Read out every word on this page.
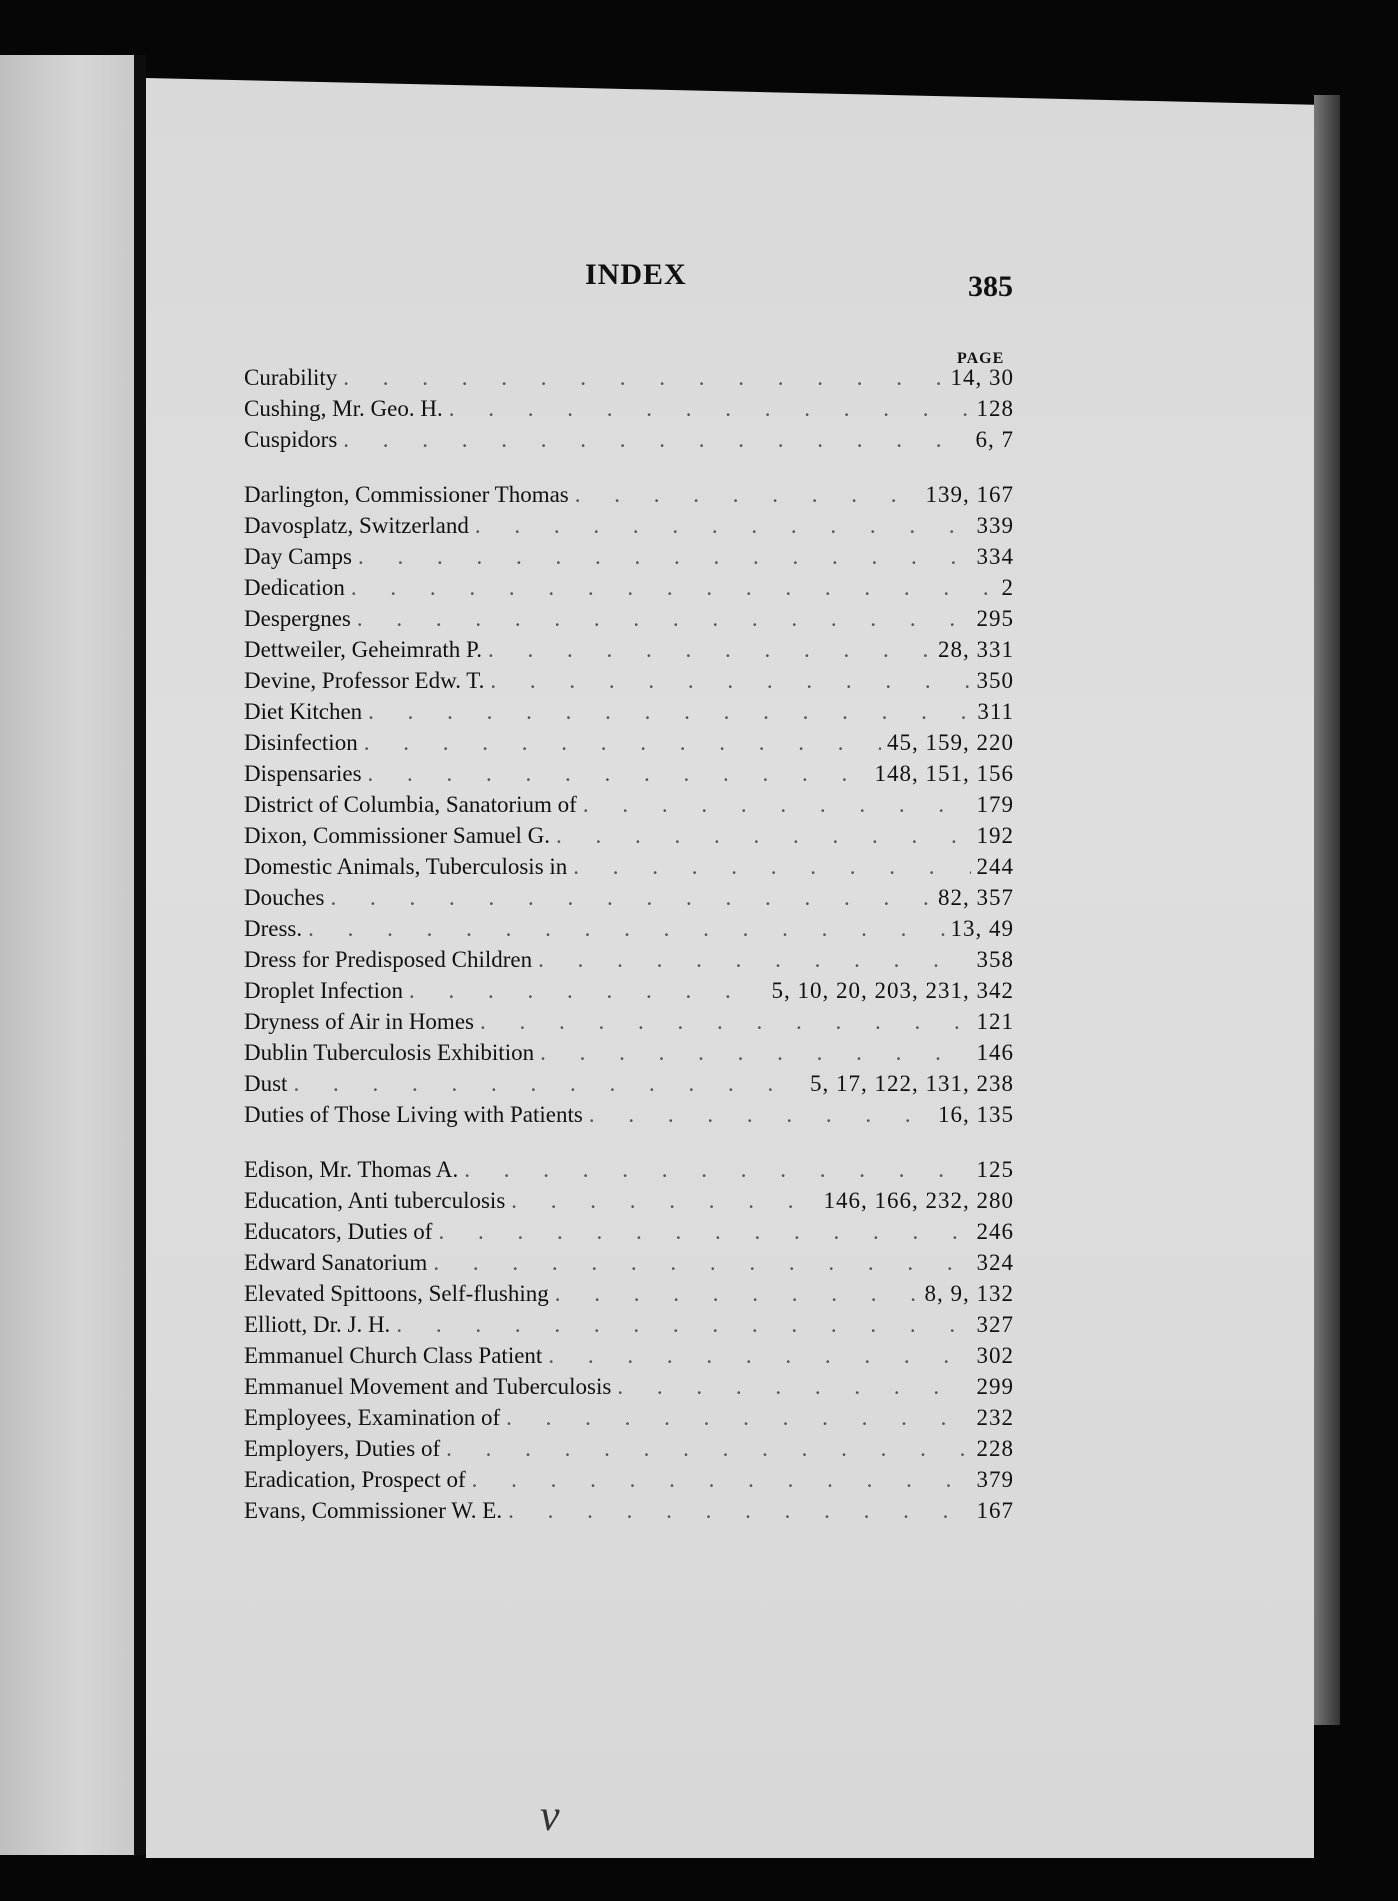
INDEX	385
PAGE
Curability . . .	14, 30
Cushing, Mr. Geo. H. . . .	128
Cuspidors . . .	6, 7
Darlington, Commissioner Thomas . . .	139, 167
Davosplatz, Switzerland . . .	339
Day Camps . . .	334
Dedication . . .	2
Despergnes . . .	295
Dettweiler, Geheimrath P. . . .	28, 331
Devine, Professor Edw. T. . . .	350
Diet Kitchen . . .	311
Disinfection . . .	45, 159, 220
Dispensaries . . .	148, 151, 156
District of Columbia, Sanatorium of . . .	179
Dixon, Commissioner Samuel G. . . .	192
Domestic Animals, Tuberculosis in . . .	244
Douches . . .	82, 357
Dress. . . .	13, 49
Dress for Predisposed Children . . .	358
Droplet Infection . . .	5, 10, 20, 203, 231, 342
Dryness of Air in Homes . . .	121
Dublin Tuberculosis Exhibition . . .	146
Dust . . .	5, 17, 122, 131, 238
Duties of Those Living with Patients . . .	16, 135
Edison, Mr. Thomas A. . . .	125
Education, Anti tuberculosis . . .	146, 166, 232, 280
Educators, Duties of . . .	246
Edward Sanatorium . . .	324
Elevated Spittoons, Self-flushing . . .	8, 9, 132
Elliott, Dr. J. H. . . .	327
Emmanuel Church Class Patient . . .	302
Emmanuel Movement and Tuberculosis . . .	299
Employees, Examination of . . .	232
Employers, Duties of . . .	228
Eradication, Prospect of . . .	379
Evans, Commissioner W. E. . . .	167
v
